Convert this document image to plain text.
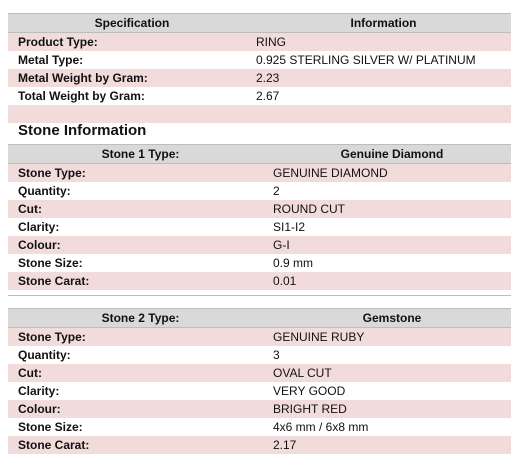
Specification	Information
Product Type:	RING
Metal Type:	0.925 STERLING SILVER W/ PLATINUM
Metal Weight by Gram:	2.23
Total Weight by Gram:	2.67

Stone Information
Stone 1 Type:	Genuine Diamond
Stone Type:	GENUINE DIAMOND
Quantity:	2
Cut:	ROUND CUT
Clarity:	SI1-I2
Colour:	G-I
Stone Size:	0.9 mm
Stone Carat:	0.01
Stone 2 Type:	Gemstone
Stone Type:	GENUINE RUBY
Quantity:	3
Cut:	OVAL CUT
Clarity:	VERY GOOD
Colour:	BRIGHT RED
Stone Size:	4x6 mm / 6x8 mm
Stone Carat:	2.17
